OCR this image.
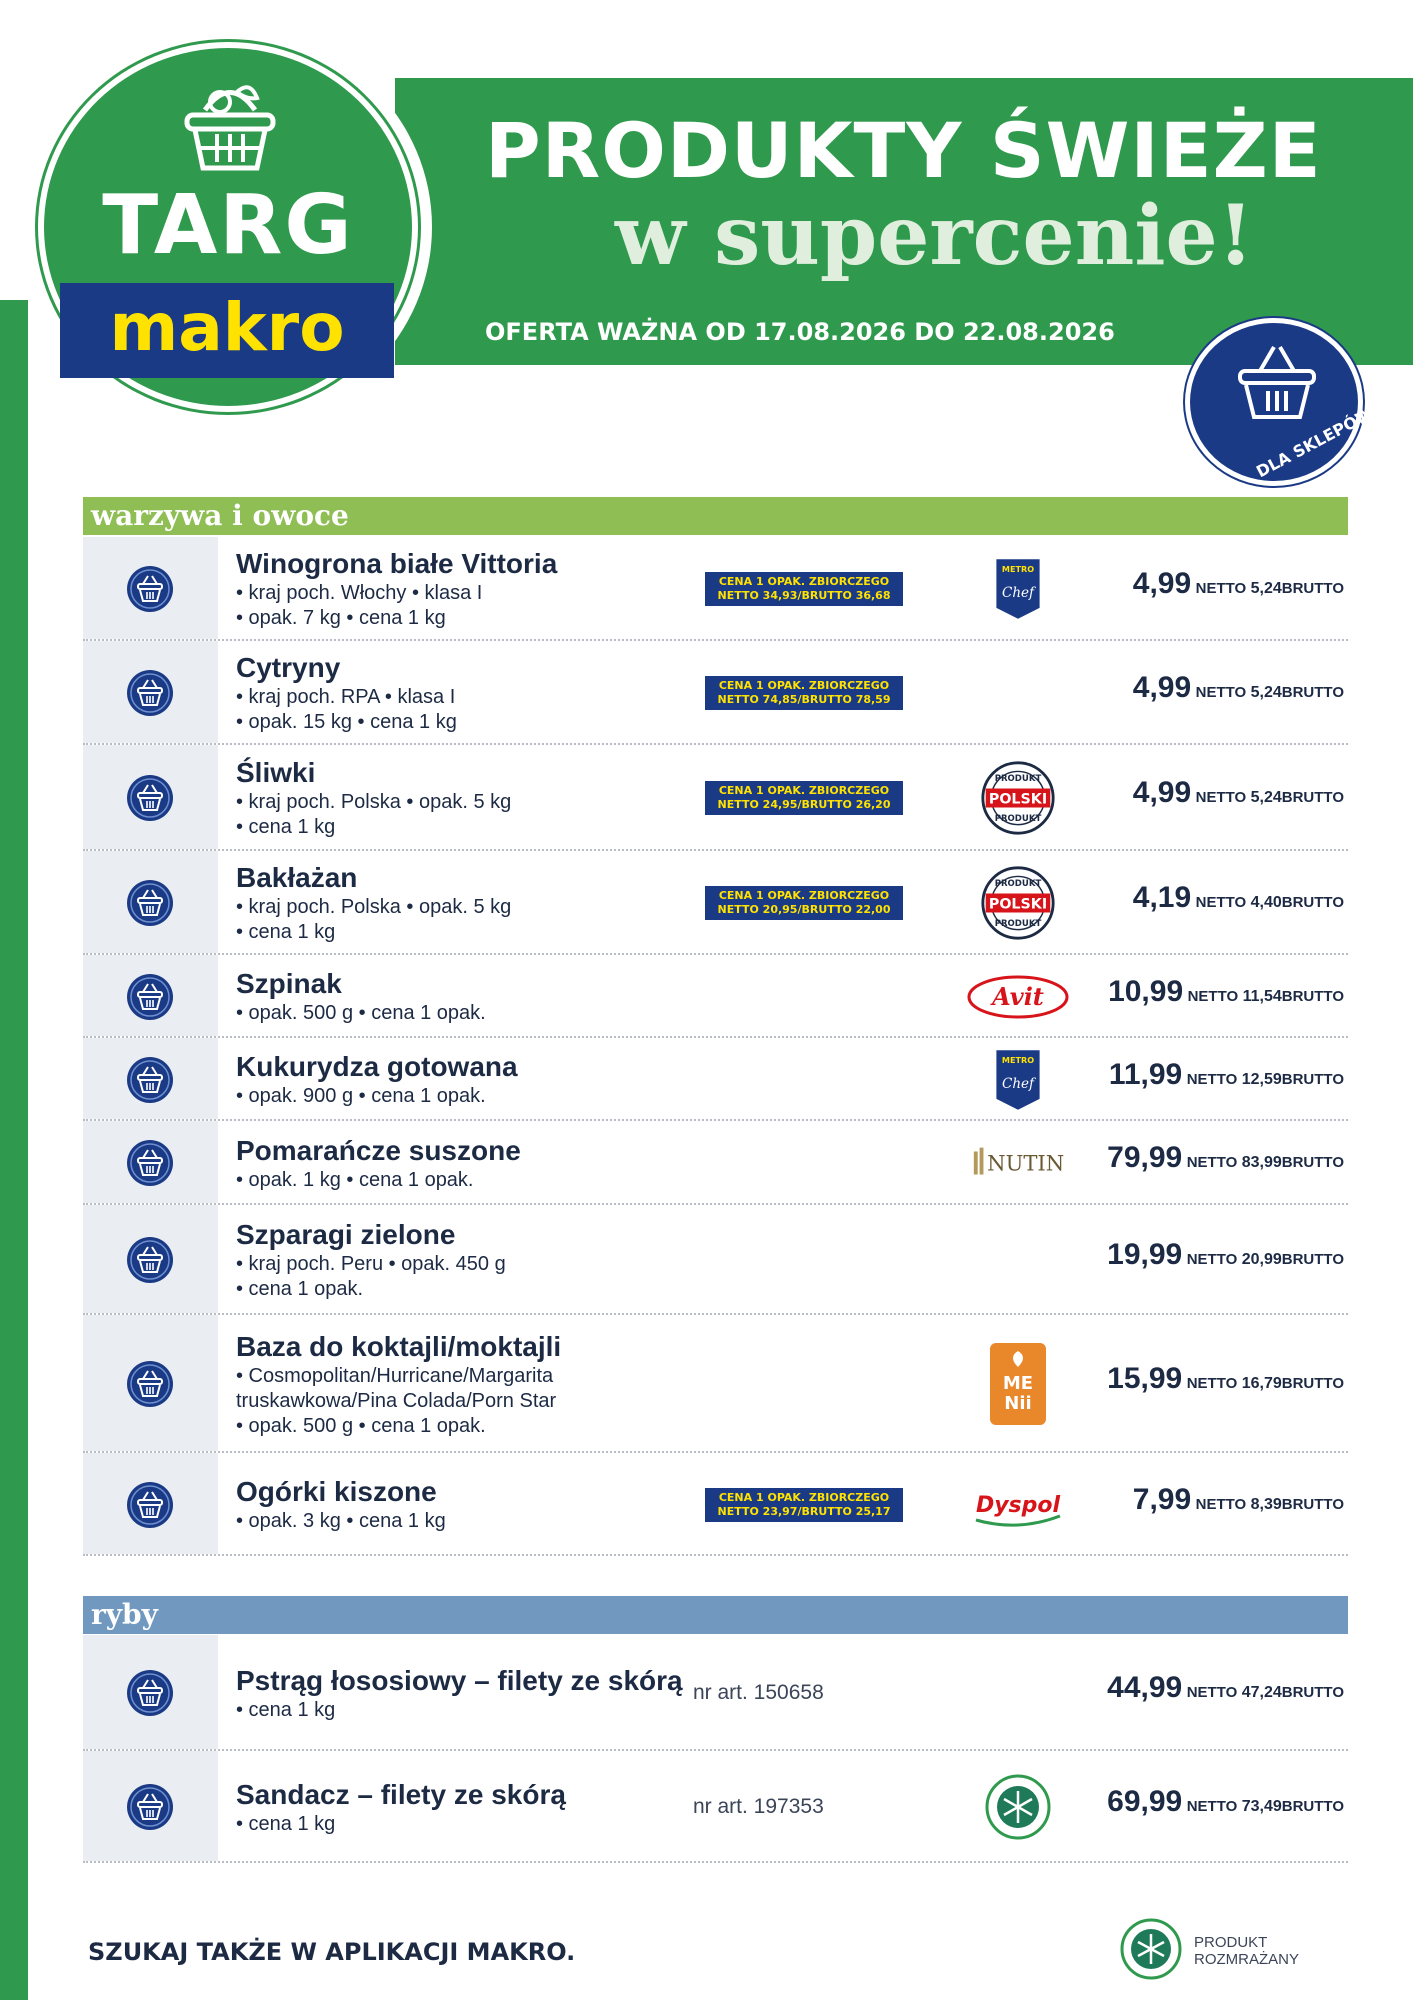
PRODUKTY ŚWIEŻE
w supercenie!
OFERTA WAŻNA OD 17.08.2026 DO 22.08.2026
TARG
makro
DLA SKLEPÓW
warzywa i owoce
Winogrona białe Vittoria
• kraj poch. Włochy • klasa I
• opak. 7 kg • cena 1 kg
CENA 1 OPAK. ZBIORCZEGO
NETTO 34,93/BRUTTO 36,68
METRO
Chef	4,99 NETTO 5,24BRUTTO
Cytryny
• kraj poch. RPA • klasa I
• opak. 15 kg • cena 1 kg
CENA 1 OPAK. ZBIORCZEGO
NETTO 74,85/BRUTTO 78,59	4,99 NETTO 5,24BRUTTO
Śliwki
• kraj poch. Polska • opak. 5 kg
• cena 1 kg
CENA 1 OPAK. ZBIORCZEGO
NETTO 24,95/BRUTTO 26,20	POLSKI
PRODUKT
PRODUKT
4,99 NETTO 5,24BRUTTO
Bakłażan
• kraj poch. Polska • opak. 5 kg
• cena 1 kg
CENA 1 OPAK. ZBIORCZEGO
NETTO 20,95/BRUTTO 22,00	POLSKI
PRODUKT
PRODUKT
4,19 NETTO 4,40BRUTTO
Szpinak
• opak. 500 g • cena 1 opak.
Avit	10,99 NETTO 11,54BRUTTO
Kukurydza gotowana
• opak. 900 g • cena 1 opak.
METRO
Chef	11,99 NETTO 12,59BRUTTO
Pomarańcze suszone
• opak. 1 kg • cena 1 opak.
NUTIN	79,99 NETTO 83,99BRUTTO
Szparagi zielone
• kraj poch. Peru • opak. 450 g
• cena 1 opak.
19,99 NETTO 20,99BRUTTO
Baza do koktajli/moktajli
• Cosmopolitan/Hurricane/Margarita
truskawkowa/Pina Colada/Porn Star
• opak. 500 g • cena 1 opak.
ME
Nii
15,99 NETTO 16,79BRUTTO
Ogórki kiszone
• opak. 3 kg • cena 1 kg
CENA 1 OPAK. ZBIORCZEGO
NETTO 23,97/BRUTTO 25,17	Dyspol	7,99 NETTO 8,39BRUTTO
ryby
Pstrąg łososiowy – filety ze skórą
• cena 1 kg
nr art. 150658	44,99 NETTO 47,24BRUTTO
Sandacz – filety ze skórą
• cena 1 kg
nr art. 197353	69,99 NETTO 73,49BRUTTO
SZUKAJ TAKŻE W APLIKACJI MAKRO.	PRODUKT
ROZMRAŻANY
